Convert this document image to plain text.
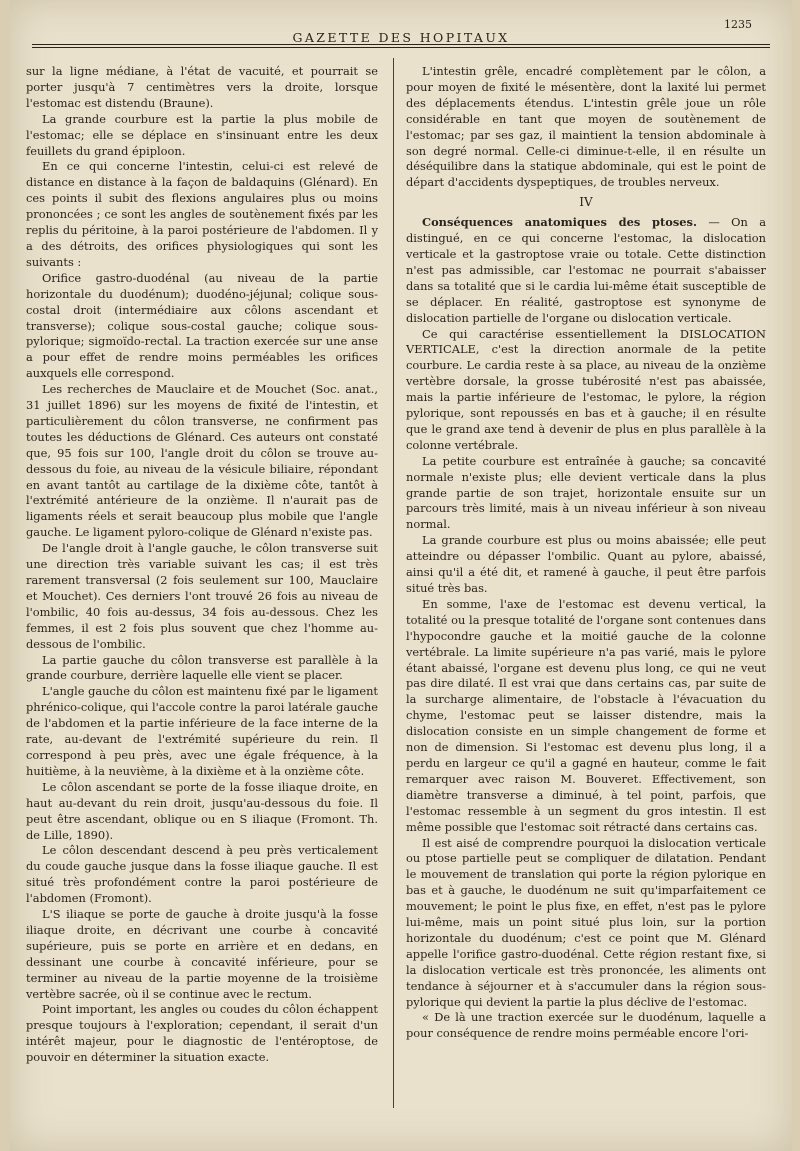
GAZETTE DES HOPITAUX
1235

sur la ligne médiane, à l'état de vacuité, et pourrait se porter jusqu'à 7 centimètres vers la droite, lorsque l'estomac est distendu (Braune).

La grande courbure est la partie la plus mobile de l'estomac; elle se déplace en s'insinuant entre les deux feuillets du grand épiploon.

En ce qui concerne l'intestin, celui-ci est relevé de distance en distance à la façon de baldaquins (Glénard). En ces points il subit des flexions angulaires plus ou moins prononcées ; ce sont les angles de soutènement fixés par les replis du péritoine, à la paroi postérieure de l'abdomen. Il y a des détroits, des orifices physiologiques qui sont les suivants :

Orifice gastro-duodénal (au niveau de la partie horizontale du duodénum); duodéno-jéjunal; colique sous-costal droit (intermédiaire aux côlons ascendant et transverse); colique sous-costal gauche; colique sous-pylorique; sigmoïdo-rectal. La traction exercée sur une anse a pour effet de rendre moins perméables les orifices auxquels elle correspond.

Les recherches de Mauclaire et de Mouchet (Soc. anat., 31 juillet 1896) sur les moyens de fixité de l'intestin, et particulièrement du côlon transverse, ne confirment pas toutes les déductions de Glénard. Ces auteurs ont constaté que, 95 fois sur 100, l'angle droit du côlon se trouve au-dessous du foie, au niveau de la vésicule biliaire, répondant en avant tantôt au cartilage de la dixième côte, tantôt à l'extrémité antérieure de la onzième. Il n'aurait pas de ligaments réels et serait beaucoup plus mobile que l'angle gauche. Le ligament pyloro-colique de Glénard n'existe pas.

De l'angle droit à l'angle gauche, le côlon transverse suit une direction très variable suivant les cas; il est très rarement transversal (2 fois seulement sur 100, Mauclaire et Mouchet). Ces derniers l'ont trouvé 26 fois au niveau de l'ombilic, 40 fois au-dessus, 34 fois au-dessous. Chez les femmes, il est 2 fois plus souvent que chez l'homme au-dessous de l'ombilic.

La partie gauche du côlon transverse est parallèle à la grande courbure, derrière laquelle elle vient se placer.

L'angle gauche du côlon est maintenu fixé par le ligament phrénico-colique, qui l'accole contre la paroi latérale gauche de l'abdomen et la partie inférieure de la face interne de la rate, au-devant de l'extrémité supérieure du rein. Il correspond à peu près, avec une égale fréquence, à la huitième, à la neuvième, à la dixième et à la onzième côte.

Le côlon ascendant se porte de la fosse iliaque droite, en haut au-devant du rein droit, jusqu'au-dessous du foie. Il peut être ascendant, oblique ou en S iliaque (Fromont. Th. de Lille, 1890).

Le côlon descendant descend à peu près verticalement du coude gauche jusque dans la fosse iliaque gauche. Il est situé très profondément contre la paroi postérieure de l'abdomen (Fromont).

L'S iliaque se porte de gauche à droite jusqu'à la fosse iliaque droite, en décrivant une courbe à concavité supérieure, puis se porte en arrière et en dedans, en dessinant une courbe à concavité inférieure, pour se terminer au niveau de la partie moyenne de la troisième vertèbre sacrée, où il se continue avec le rectum.

Point important, les angles ou coudes du côlon échappent presque toujours à l'exploration; cependant, il serait d'un intérêt majeur, pour le diagnostic de l'entéroptose, de pouvoir en déterminer la situation exacte.

L'intestin grêle, encadré complètement par le côlon, a pour moyen de fixité le mésentère, dont la laxité lui permet des déplacements étendus. L'intestin grêle joue un rôle considérable en tant que moyen de soutènement de l'estomac; par ses gaz, il maintient la tension abdominale à son degré normal. Celle-ci diminue-t-elle, il en résulte un déséquilibre dans la statique abdominale, qui est le point de départ d'accidents dyspeptiques, de troubles nerveux.

IV

Conséquences anatomiques des ptoses. — On a distingué, en ce qui concerne l'estomac, la dislocation verticale et la gastroptose vraie ou totale. Cette distinction n'est pas admissible, car l'estomac ne pourrait s'abaisser dans sa totalité que si le cardia lui-même était susceptible de se déplacer. En réalité, gastroptose est synonyme de dislocation partielle de l'organe ou dislocation verticale.

Ce qui caractérise essentiellement la DISLOCATION VERTICALE, c'est la direction anormale de la petite courbure. Le cardia reste à sa place, au niveau de la onzième vertèbre dorsale, la grosse tubérosité n'est pas abaissée, mais la partie inférieure de l'estomac, le pylore, la région pylorique, sont repoussés en bas et à gauche; il en résulte que le grand axe tend à devenir de plus en plus parallèle à la colonne vertébrale.

La petite courbure est entraînée à gauche; sa concavité normale n'existe plus; elle devient verticale dans la plus grande partie de son trajet, horizontale ensuite sur un parcours très limité, mais à un niveau inférieur à son niveau normal.

La grande courbure est plus ou moins abaissée; elle peut atteindre ou dépasser l'ombilic. Quant au pylore, abaissé, ainsi qu'il a été dit, et ramené à gauche, il peut être parfois situé très bas.

En somme, l'axe de l'estomac est devenu vertical, la totalité ou la presque totalité de l'organe sont contenues dans l'hypocondre gauche et la moitié gauche de la colonne vertébrale. La limite supérieure n'a pas varié, mais le pylore étant abaissé, l'organe est devenu plus long, ce qui ne veut pas dire dilaté. Il est vrai que dans certains cas, par suite de la surcharge alimentaire, de l'obstacle à l'évacuation du chyme, l'estomac peut se laisser distendre, mais la dislocation consiste en un simple changement de forme et non de dimension. Si l'estomac est devenu plus long, il a perdu en largeur ce qu'il a gagné en hauteur, comme le fait remarquer avec raison M. Bouveret. Effectivement, son diamètre transverse a diminué, à tel point, parfois, que l'estomac ressemble à un segment du gros intestin. Il est même possible que l'estomac soit rétracté dans certains cas.

Il est aisé de comprendre pourquoi la dislocation verticale ou ptose partielle peut se compliquer de dilatation. Pendant le mouvement de translation qui porte la région pylorique en bas et à gauche, le duodénum ne suit qu'imparfaitement ce mouvement; le point le plus fixe, en effet, n'est pas le pylore lui-même, mais un point situé plus loin, sur la portion horizontale du duodénum; c'est ce point que M. Glénard appelle l'orifice gastro-duodénal. Cette région restant fixe, si la dislocation verticale est très prononcée, les aliments ont tendance à séjourner et à s'accumuler dans la région sous-pylorique qui devient la partie la plus déclive de l'estomac.

« De là une traction exercée sur le duodénum, laquelle a pour conséquence de rendre moins perméable encore l'ori-
